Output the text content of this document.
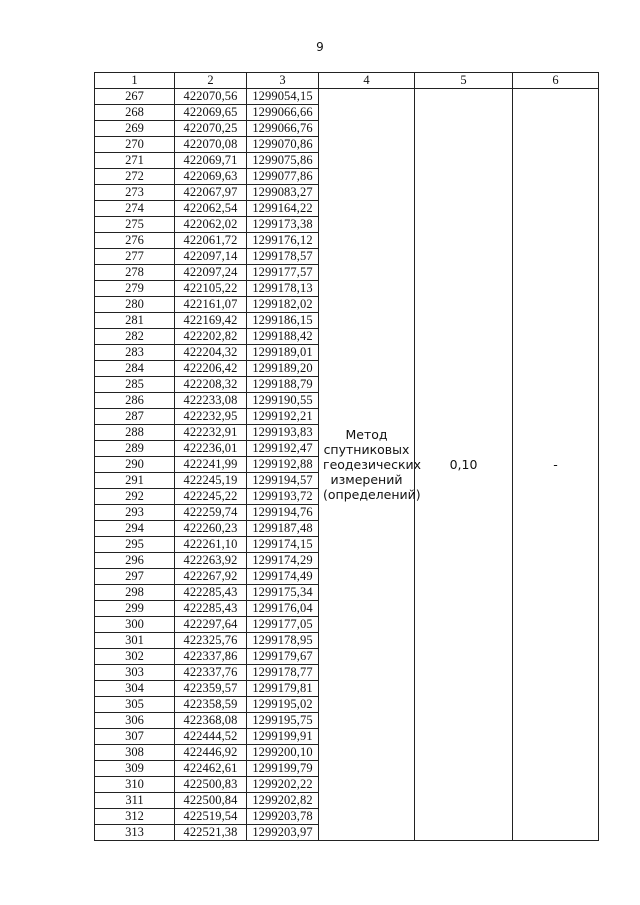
9
1	2	3	4	5	6
267	422070,56	1299054,15	Метод спутниковых геодезических измерений (определений)	0,10	-
268	422069,65	1299066,66			
269	422070,25	1299066,76			
270	422070,08	1299070,86			
271	422069,71	1299075,86			
272	422069,63	1299077,86			
273	422067,97	1299083,27			
274	422062,54	1299164,22			
275	422062,02	1299173,38			
276	422061,72	1299176,12			
277	422097,14	1299178,57			
278	422097,24	1299177,57			
279	422105,22	1299178,13			
280	422161,07	1299182,02			
281	422169,42	1299186,15			
282	422202,82	1299188,42			
283	422204,32	1299189,01			
284	422206,42	1299189,20			
285	422208,32	1299188,79			
286	422233,08	1299190,55			
287	422232,95	1299192,21			
288	422232,91	1299193,83			
289	422236,01	1299192,47			
290	422241,99	1299192,88			
291	422245,19	1299194,57			
292	422245,22	1299193,72			
293	422259,74	1299194,76			
294	422260,23	1299187,48			
295	422261,10	1299174,15			
296	422263,92	1299174,29			
297	422267,92	1299174,49			
298	422285,43	1299175,34			
299	422285,43	1299176,04			
300	422297,64	1299177,05			
301	422325,76	1299178,95			
302	422337,86	1299179,67			
303	422337,76	1299178,77			
304	422359,57	1299179,81			
305	422358,59	1299195,02			
306	422368,08	1299195,75			
307	422444,52	1299199,91			
308	422446,92	1299200,10			
309	422462,61	1299199,79			
310	422500,83	1299202,22			
311	422500,84	1299202,82			
312	422519,54	1299203,78			
313	422521,38	1299203,97			
